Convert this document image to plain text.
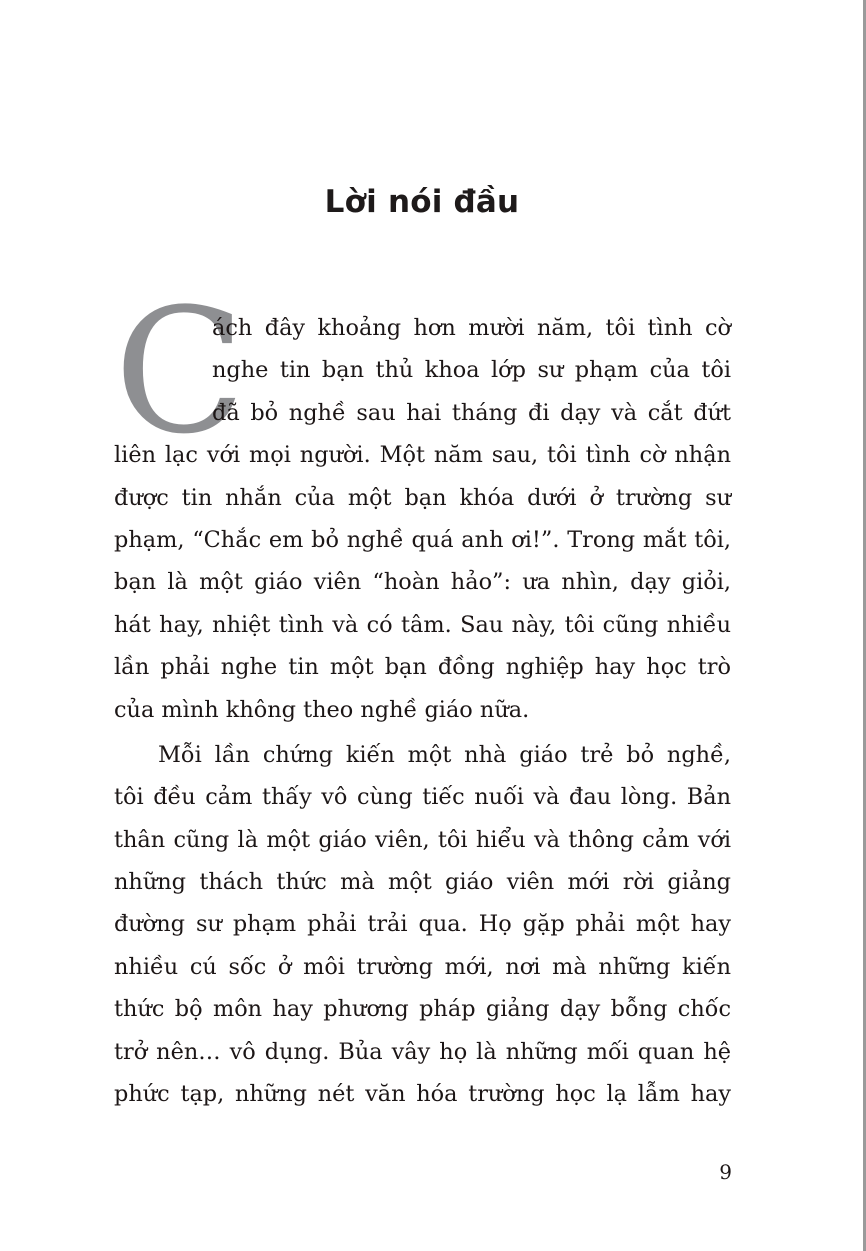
Lời nói đầu
C
ách đây khoảng hơn mười năm, tôi tình cờ
nghe tin bạn thủ khoa lớp sư phạm của tôi
đã bỏ nghề sau hai tháng đi dạy và cắt đứt
liên lạc với mọi người. Một năm sau, tôi tình cờ nhận
được tin nhắn của một bạn khóa dưới ở trường sư
phạm, “Chắc em bỏ nghề quá anh ơi!”. Trong mắt tôi,
bạn là một giáo viên “hoàn hảo”: ưa nhìn, dạy giỏi,
hát hay, nhiệt tình và có tâm. Sau này, tôi cũng nhiều
lần phải nghe tin một bạn đồng nghiệp hay học trò
của mình không theo nghề giáo nữa.
Mỗi lần chứng kiến một nhà giáo trẻ bỏ nghề,
tôi đều cảm thấy vô cùng tiếc nuối và đau lòng. Bản
thân cũng là một giáo viên, tôi hiểu và thông cảm với
những thách thức mà một giáo viên mới rời giảng
đường sư phạm phải trải qua. Họ gặp phải một hay
nhiều cú sốc ở môi trường mới, nơi mà những kiến
thức bộ môn hay phương pháp giảng dạy bỗng chốc
trở nên… vô dụng. Bủa vây họ là những mối quan hệ
phức tạp, những nét văn hóa trường học lạ lẫm hay
9
